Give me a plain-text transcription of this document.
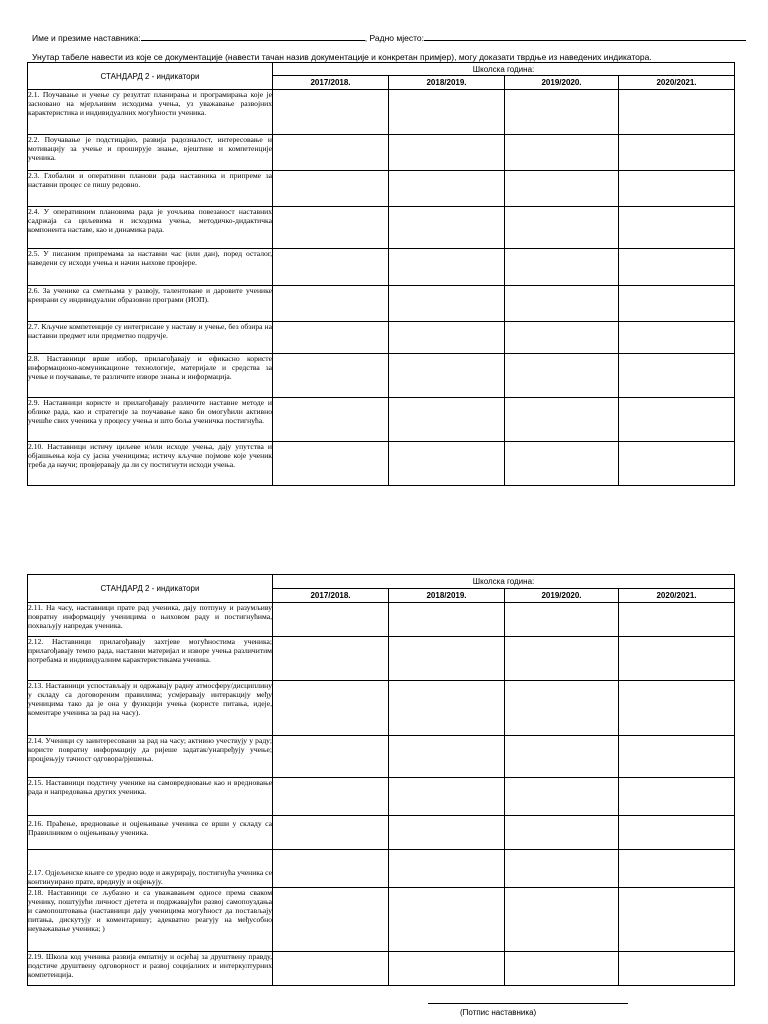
Име и презиме наставника:	, Радно мјесто:
Унутар табеле навести из које се документације (навести тачан назив документације и конкретан примјер), могу доказати тврдње из наведених индикатора.
СТАНДАРД 2 - индикатори	Школска година:			
	2017/2018.	2018/2019.	2019/2020.	2020/2021.
2.1. Поучавање и учење су резултат планирања и програмирања које је засновано на мјерљивим исходима учења, уз уважавање развојних карактеристика и индивидуалних могућности ученика.				
2.2. Поучавање је подстицајно, развија радозналост, интересовање и мотивацију за учење и проширује знање, вјештине и компетенције ученика.				
2.3. Глобални и оперативни планови рада наставника и припреме за наставни процес се пишу редовно.				
2.4. У оперативним плановима рада је уочљива повезаност наставних садржаја са циљевима и исходима учења, методичко-дидактичка компонента наставе, као и динамика рада.				
2.5. У писаним припремама за наставни час (или дан), поред осталог, наведени су исходи учења и начин њихове провјере.				
2.6. За ученике са сметњама у развоју, талентоване и даровите ученике креирани су индивидуални образовни програми (ИОП).				
2.7. Кључне компетенције су интегрисане у наставу и учење, без обзира на наставни предмет или предметно подручје.				
2.8. Наставници врше избор, прилагођавају и ефикасно користе информационо-комуникационе технологије, материјале и средства за учење и поучавање, те различите изворе знања и информација.				
2.9. Наставници користе и прилагођавају различите наставне методе и облике рада, као и стратегије за поучавање како би омогућили активно учешће свих ученика у процесу учења и што боља ученичка постигнућа.				
2.10. Наставници истичу циљеве и/или исходе учења, дају упутства и објашњења која су јасна ученицима; истичу кључне појмове које ученик треба да научи; провјеравају да ли су постигнути исходи учења.				
СТАНДАРД 2 - индикатори	Школска година:			
	2017/2018.	2018/2019.	2019/2020.	2020/2021.
2.11. На часу, наставници прате рад ученика, дају потпуну и разумљиву повратну информацију ученицима о њиховом раду и постигнућима, похваљују напредак ученика.				
2.12. Наставници прилагођавају захтјеве могућностима ученика; прилагођавају темпо рада, наставни материјал и изворе учења различитим потребама и индивидуалним карактеристикама ученика.				
2.13. Наставници успостављају и одржавају радну атмосферу/дисциплину у складу са договореним правилима; усмјеравају интеракцију међу ученицима тако да је она у функцији учења (користе питања, идеје, коментаре ученика за рад на часу).				
2.14. Ученици су заинтересовани за рад на часу; активно учествују у раду; користе повратну информацију да ријеше задатак/унапређују учење; процјењују тачност одговора/рјешења.				
2.15. Наставници подстичу ученике на самовредновање као и вредновање рада и напредовања других ученика.				
2.16. Праћење, вредновање и оцјењивање ученика се врши у складу са Правилником о оцјењивању ученика.				
2.17. Одјељенске књиге се уредно воде и ажурирају, постигнућа ученика се континуирано прате, вреднују и оцјењују.				
2.18. Наставници се љубазно и са уважавањем односе према сваком ученику, поштујући личност дјетета и подржавајући развој самопоуздања и самопоштовања (наставници дају ученицима могућност да постављају питања, дискутују и коментаришу; адекватно реагују на међусобно неуважавање ученика; )				
2.19. Школа код ученика развија емпатију и осјећај за друштвену правду, подстиче друштвену одговорност и развој социјалних и интеркултурних компетенција.				
(Потпис наставника)
